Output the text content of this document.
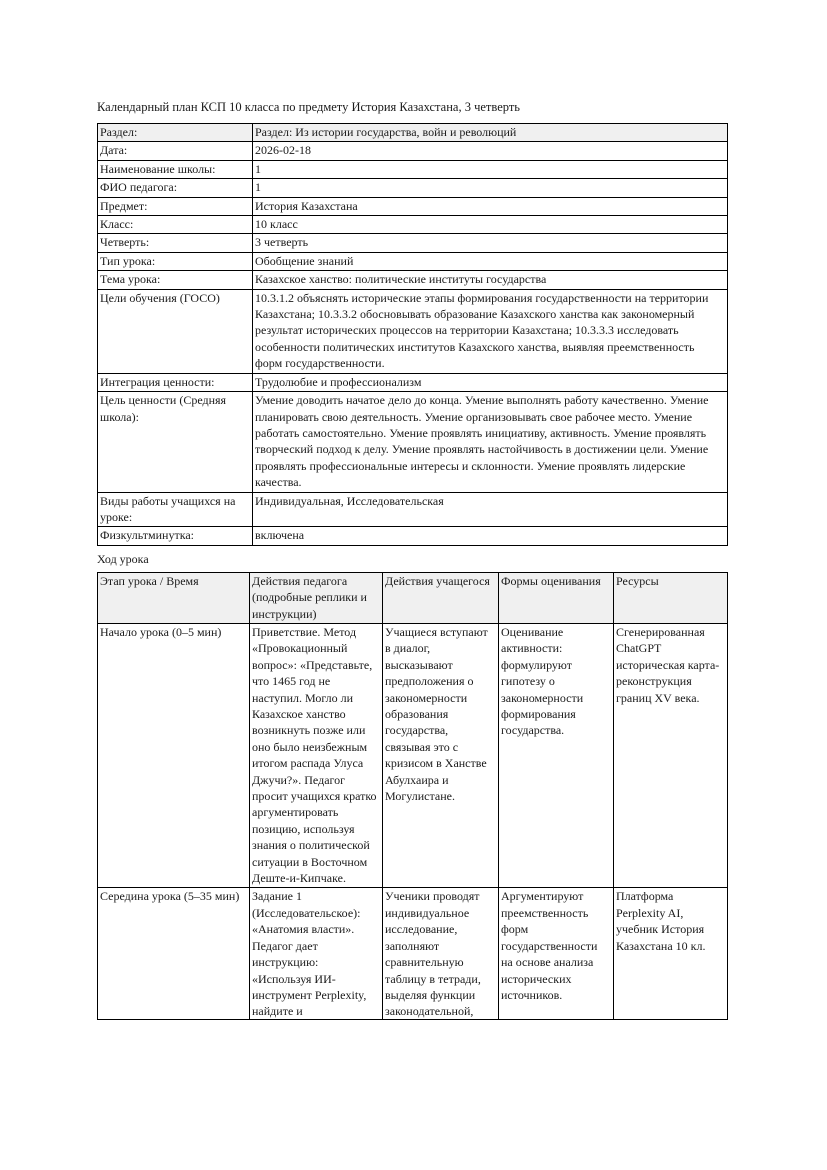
Календарный план КСП 10 класса по предмету История Казахстана, 3 четверть
Раздел:	Раздел: Из истории государства, войн и революций
Дата:	2026-02-18
Наименование школы:	1
ФИО педагога:	1
Предмет:	История Казахстана
Класс:	10 класс
Четверть:	3 четверть
Тип урока:	Обобщение знаний
Тема урока:	Казахское ханство: политические институты государства
Цели обучения (ГОСО)	10.3.1.2 объяснять исторические этапы формирования государственности на территории Казахстана; 10.3.3.2 обосновывать образование Казахского ханства как закономерный результат исторических процессов на территории Казахстана; 10.3.3.3 исследовать особенности политических институтов Казахского ханства, выявляя преемственность форм государственности.
Интеграция ценности:	Трудолюбие и профессионализм
Цель ценности (Средняя школа):	Умение доводить начатое дело до конца. Умение выполнять работу качественно. Умение планировать свою деятельность. Умение организовывать свое рабочее место. Умение работать самостоятельно. Умение проявлять инициативу, активность. Умение проявлять творческий подход к делу. Умение проявлять настойчивость в достижении цели. Умение проявлять профессиональные интересы и склонности. Умение проявлять лидерские качества.
Виды работы учащихся на уроке:	Индивидуальная, Исследовательская
Физкультминутка:	включена
Ход урока
Этап урока / Время	Действия педагога (подробные реплики и инструкции)	Действия учащегося	Формы оценивания	Ресурсы
Начало урока (0–5 мин)	Приветствие. Метод «Провокационный вопрос»: «Представьте, что 1465 год не наступил. Могло ли Казахское ханство возникнуть позже или оно было неизбежным итогом распада Улуса Джучи?». Педагог просит учащихся кратко аргументировать позицию, используя знания о политической ситуации в Восточном Деште-и-Кипчаке.	Учащиеся вступают в диалог, высказывают предположения о закономерности образования государства, связывая это с кризисом в Ханстве Абулхаира и Могулистане.	Оценивание активности: формулируют гипотезу о закономерности формирования государства.	Сгенерированная ChatGPT историческая карта-реконструкция границ XV века.

Середина урока (5–35 мин)	Задание 1 (Исследовательское): «Анатомия власти». Педагог дает инструкцию: «Используя ИИ-инструмент Perplexity, найдите и	Ученики проводят индивидуальное исследование, заполняют сравнительную таблицу в тетради, выделяя функции законодательной,	Аргументируют преемственность форм государственности на основе анализа исторических источников.	Платформа Perplexity AI, учебник История Казахстана 10 кл.
